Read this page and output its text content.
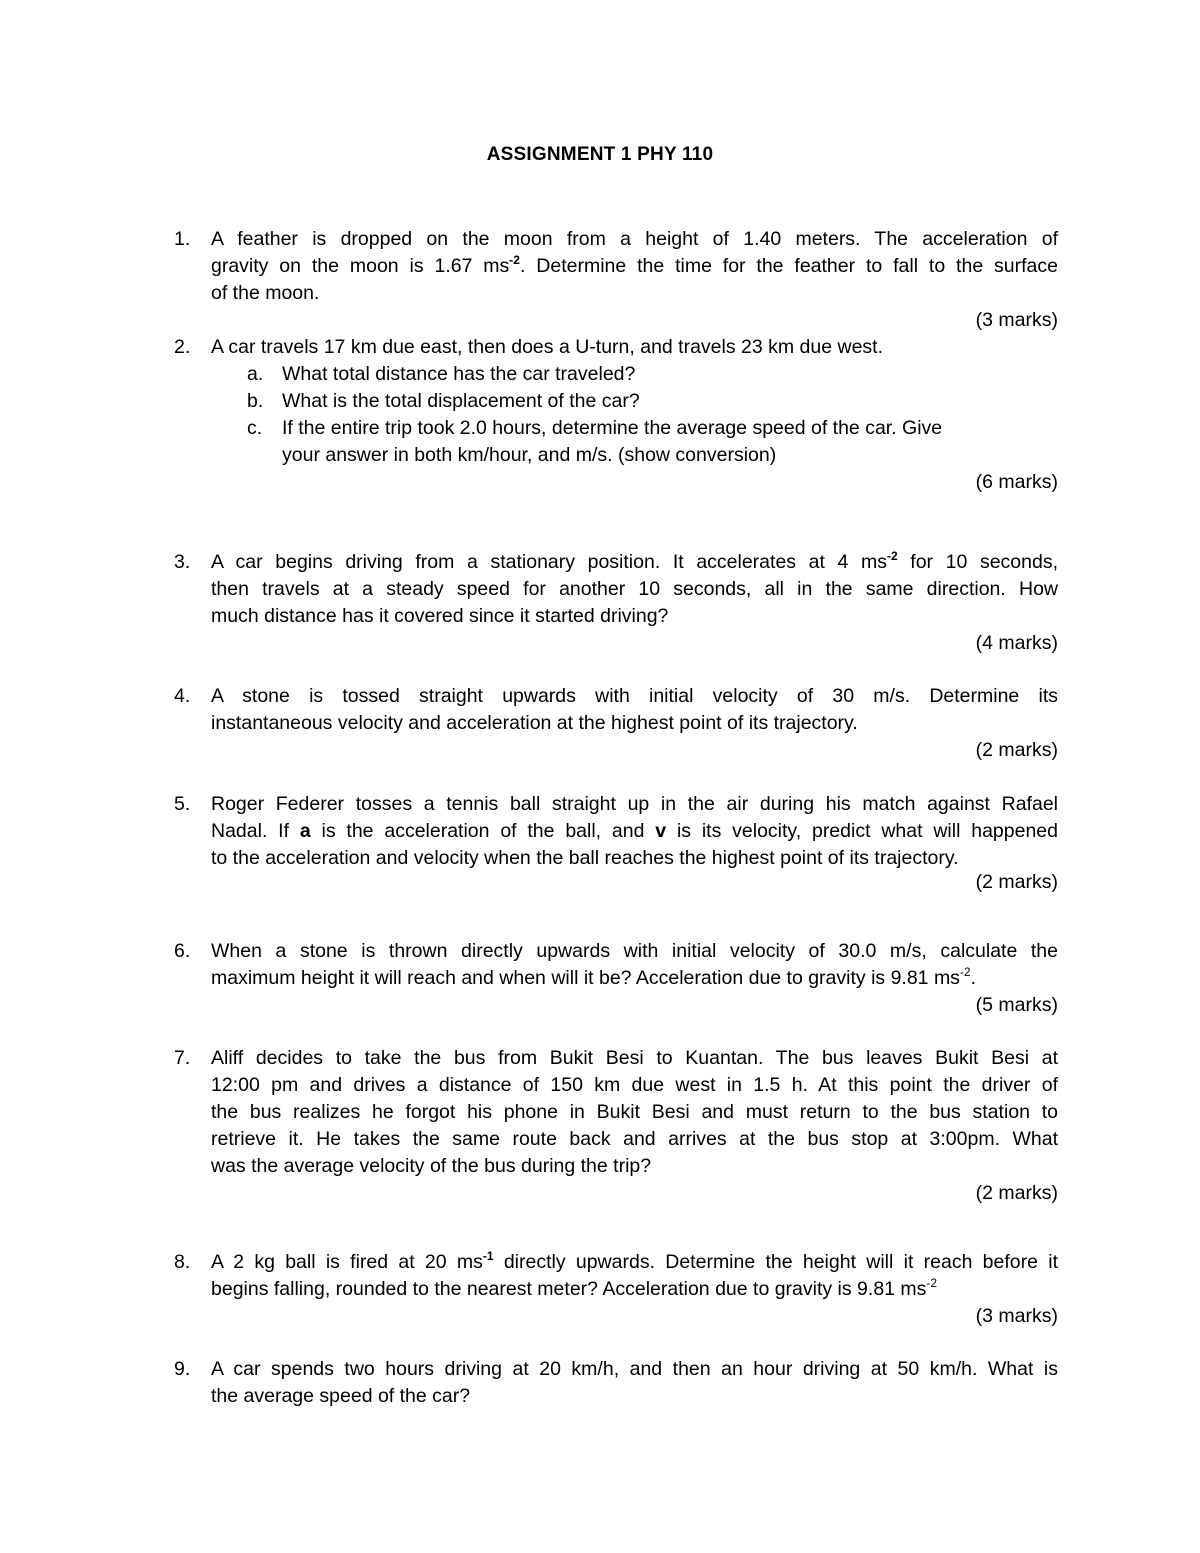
ASSIGNMENT 1 PHY 110
1.	A feather is dropped on the moon from a height of 1.40 meters. The acceleration of
gravity on the moon is 1.67 $ms^{-2}$. Determine the time for the feather to fall to the surface
of the moon.
(3 marks)
2.	A car travels 17 km due east, then does a U-turn, and travels 23 km due west.
a. What total distance has the car traveled?
b. What is the total displacement of the car?
c.	If the entire trip took 2.0 hours, determine the average speed of the car. Give
your answer in both km/hour, and m/s. (show conversion)
(6 marks)
3.	A car begins driving from a stationary position. It accelerates at 4 $ms^{-2}$ for 10 seconds,
then travels at a steady speed for another 10 seconds, all in the same direction. How
much distance has it covered since it started driving?
(4 marks)
4.	A stone is tossed straight upwards with initial velocity of 30 m/s. Determine its
instantaneous velocity and acceleration at the highest point of its trajectory.
(2 marks)
5.	Roger Federer tosses a tennis ball straight up in the air during his match against Rafael
Nadal. If a is the acceleration of the ball, and v is its velocity, predict what will happened
to the acceleration and velocity when the ball reaches the highest point of its trajectory.
(2 marks)
6.	When a stone is thrown directly upwards with initial velocity of 30.0 m/s, calculate the
maximum height it will reach and when will it be? Acceleration due to gravity is 9.81 $ms^{-2}$.
(5 marks)
7.	Aliff decides to take the bus from Bukit Besi to Kuantan. The bus leaves Bukit Besi at
12:00 pm and drives a distance of 150 km due west in 1.5 h. At this point the driver of
the bus realizes he forgot his phone in Bukit Besi and must return to the bus station to
retrieve it. He takes the same route back and arrives at the bus stop at 3:00pm. What
was the average velocity of the bus during the trip?
(2 marks)
8.	A 2 kg ball is fired at 20 $ms^{-1}$ directly upwards. Determine the height will it reach before it
begins falling, rounded to the nearest meter? Acceleration due to gravity is 9.81 $ms^{-2}$
(3 marks)
9.	A car spends two hours driving at 20 km/h, and then an hour driving at 50 km/h. What is
the average speed of the car?
